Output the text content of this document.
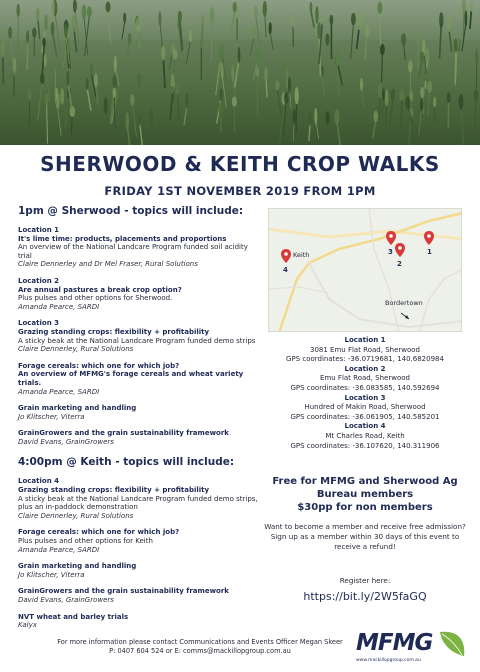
SHERWOOD & KEITH CROP WALKS
FRIDAY 1ST NOVEMBER 2019 FROM 1PM
1pm @ Sherwood - topics will include:
Location 1
It's lime time: products, placements and proportions
An overview of the National Landcare Program funded soil acidity trial
Claire Dennerley and Dr Mel Fraser, Rural Solutions
Location 2
Are annual pastures a break crop option?
Plus pulses and other options for Sherwood.
Amanda Pearce, SARDI
Location 3
Grazing standing crops: flexibility + profitability
A sticky beak at the National Landcare Program funded demo strips
Claire Dennerley, Rural Solutions
Forage cereals: which one for which job?
An overview of MFMG's forage cereals and wheat variety trials.
Amanda Pearce, SARDI
Grain marketing and handling
Jo Klitscher, Viterra
GrainGrowers and the grain sustainability framework
David Evans, GrainGrowers
4:00pm @ Keith - topics will include:
Location 4
Grazing standing crops: flexibility + profitability
A sticky beak at the National Landcare Program funded demo strips, plus an in-paddock demonstration
Claire Dennerley, Rural Solutions
Forage cereals: which one for which job?
Plus pulses and other options for Keith
Amanda Pearce, SARDI
Grain marketing and handling
Jo Klitscher, Viterra
GrainGrowers and the grain sustainability framework
David Evans, GrainGrowers
NVT wheat and barley trials
Kalyx
3	1
2
4
Keith
Bordertown
Location 1
3081 Emu Flat Road, Sherwood
GPS coordinates: -36.0719681, 140.6820984
Location 2
Emu Flat Road, Sherwood
GPS coordinates: -36.083585, 140.592694
Location 3
Hundred of Makin Road, Sherwood
GPS coordinates: -36.061905, 140.585201
Location 4
Mt Charles Road, Keith
GPS coordinates: -36.107620, 140.311906
Free for MFMG and Sherwood Ag
Bureau members
$30pp for non members
Want to become a member and receive free admission?
Sign up as a member within 30 days of this event to receive a refund!
Register here:
https://bit.ly/2W5faGQ
For more information please contact Communications and Events Officer Megan Skeer
P: 0407 604 524 or E: comms@mackillopgroup.com.au	MFMG
www.mackillopgroup.com.au
